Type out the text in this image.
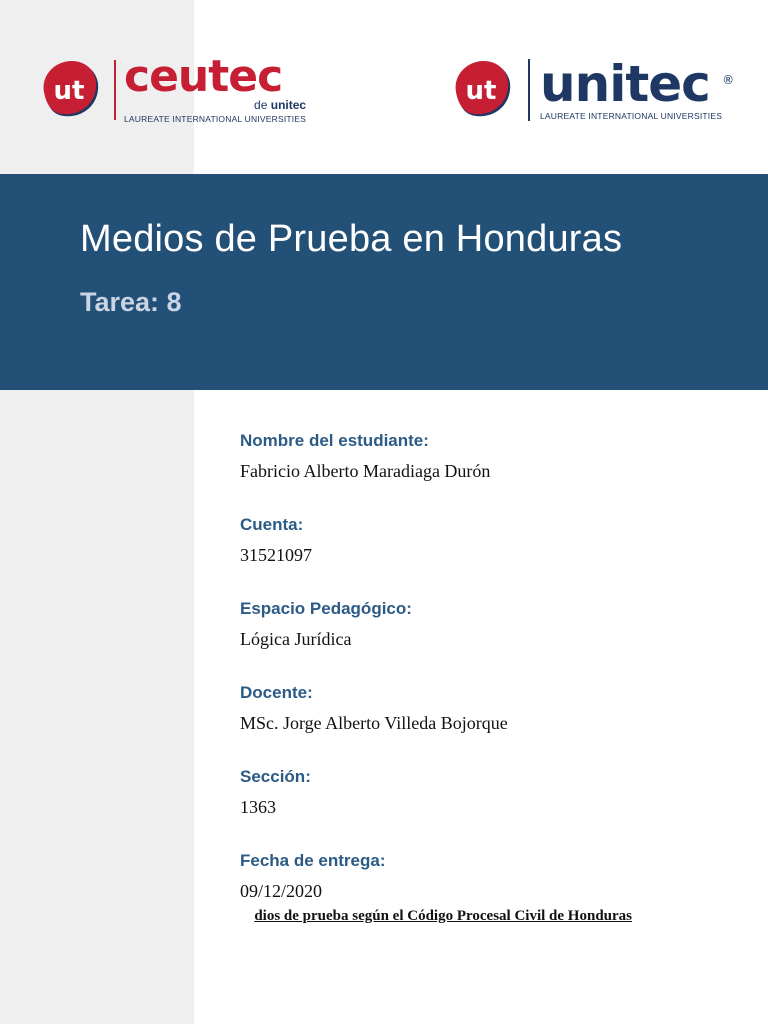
ut ceutec
de unitec
LAUREATE INTERNATIONAL UNIVERSITIES
ut unitec ®
LAUREATE INTERNATIONAL UNIVERSITIES
Medios de Prueba en Honduras
Tarea: 8
Nombre del estudiante:
Fabricio Alberto Maradiaga Durón
Cuenta:
31521097
Espacio Pedagógico:
Lógica Jurídica
Docente:
MSc. Jorge Alberto Villeda Bojorque
Sección:
1363
Fecha de entrega:
09/12/2020
dios de prueba según el Código Procesal Civil de Honduras
